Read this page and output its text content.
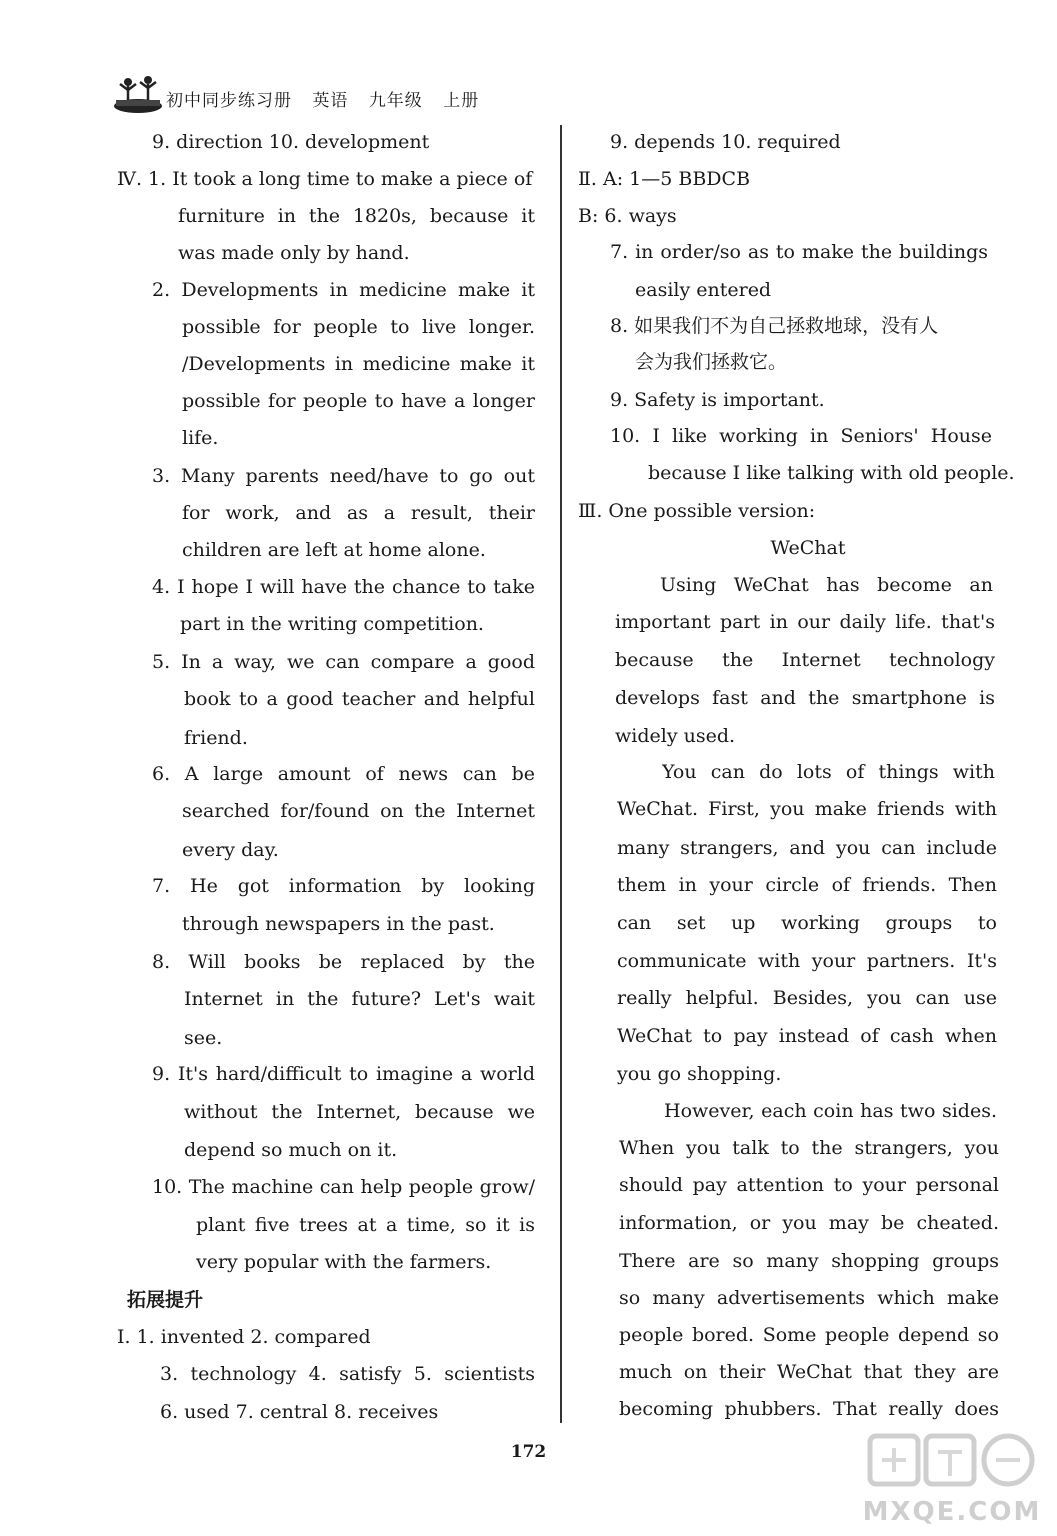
初中同步练习册 英语 九年级 上册
9. direction 10. development
Ⅳ. 1. It took a long time to make a piece of
furniture in the 1820s, because it
was made only by hand.
2. Developments in medicine make it
possible for people to live longer.
/Developments in medicine make it
possible for people to have a longer
life.
3. Many parents need/have to go out
for work, and as a result, their
children are left at home alone.
4. I hope I will have the chance to take
part in the writing competition.
5. In a way, we can compare a good
book to a good teacher and helpful
friend.
6. A large amount of news can be
searched for/found on the Internet
every day.
7. He got information by looking
through newspapers in the past.
8. Will books be replaced by the
Internet in the future? Let's wait
see.
9. It's hard/difficult to imagine a world
without the Internet, because we
depend so much on it.
10. The machine can help people grow/
plant five trees at a time, so it is
very popular with the farmers.
拓展提升
Ⅰ. 1. invented 2. compared
3. technology 4. satisfy 5. scientists
6. used 7. central 8. receives
9. depends 10. required
Ⅱ. A: 1—5 BBDCB
B: 6. ways
7. in order/so as to make the buildings
easily entered
8. 如果我们不为自己拯救地球，没有人
会为我们拯救它。
9. Safety is important.
10. I like working in Seniors' House
because I like talking with old people.
Ⅲ. One possible version:
WeChat
Using WeChat has become an
important part in our daily life. that's
because the Internet technology
develops fast and the smartphone is
widely used.
You can do lots of things with
WeChat. First, you make friends with
many strangers, and you can include
them in your circle of friends. Then
can set up working groups to
communicate with your partners. It's
really helpful. Besides, you can use
WeChat to pay instead of cash when
you go shopping.
However, each coin has two sides.
When you talk to the strangers, you
should pay attention to your personal
information, or you may be cheated.
There are so many shopping groups
so many advertisements which make
people bored. Some people depend so
much on their WeChat that they are
becoming phubbers. That really does
172
MXQE.COM
